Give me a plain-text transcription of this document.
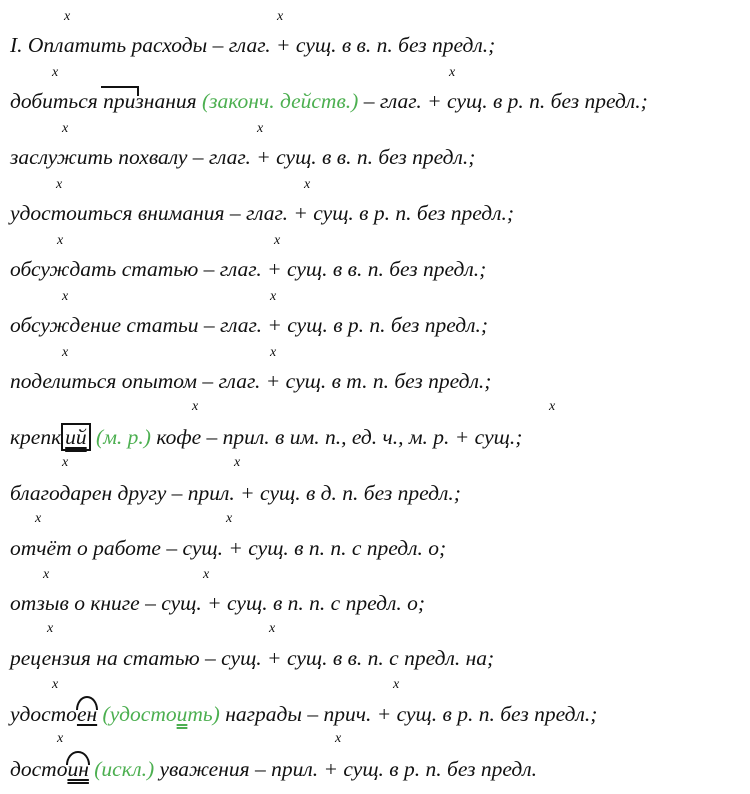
x	x
I. Оплатить расходы – глаг. + сущ. в в. п. без предл.;
x	x
добиться признания (законч. действ.) – глаг. + сущ. в р. п. без предл.;
x	x
заслужить похвалу – глаг. + сущ. в в. п. без предл.;
x	x
удостоиться внимания – глаг. + сущ. в р. п. без предл.;
x	x
обсуждать статью – глаг. + сущ. в в. п. без предл.;
x	x
обсуждение статьи – глаг. + сущ. в р. п. без предл.;
x	x
поделиться опытом – глаг. + сущ. в т. п. без предл.;
x	x
крепк ий (м. р.) кофе – прил. в им. п., ед. ч., м. р. + сущ.;
x	x
благодарен другу – прил. + сущ. в д. п. без предл.;
x	x
отчёт о работе – сущ. + сущ. в п. п. с предл. о;
x	x
отзыв о книге – сущ. + сущ. в п. п. с предл. о;
x	x
рецензия на статью – сущ. + сущ. в в. п. с предл. на;
x	x
удостоен (удостоить) награды – прич. + сущ. в р. п. без предл.;
x	x
достоин (искл.) уважения – прил. + сущ. в р. п. без предл.
